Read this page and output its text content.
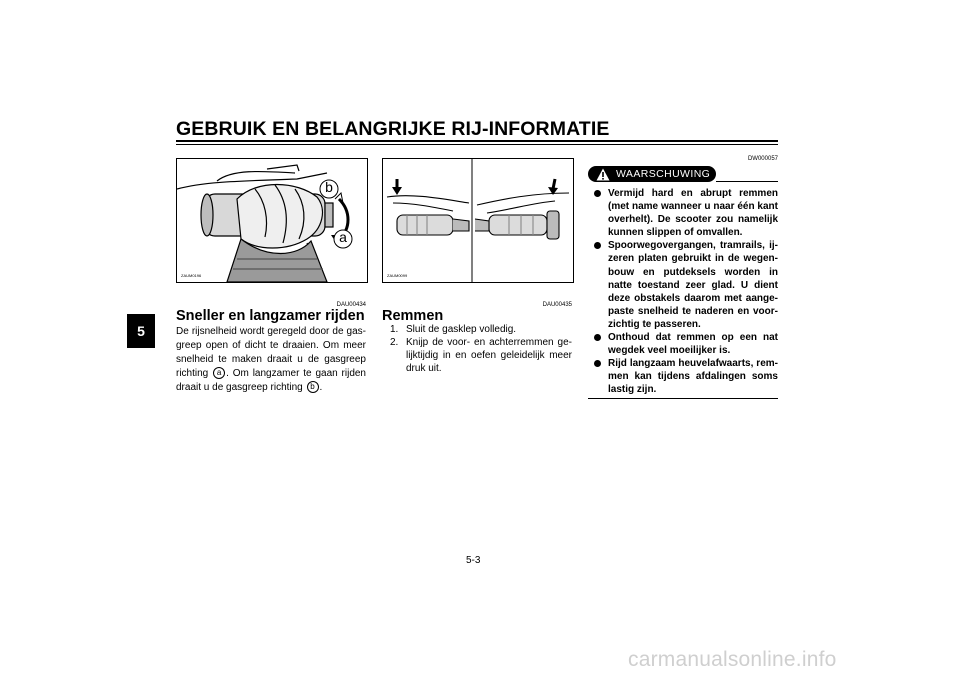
GEBRUIK EN BELANGRIJKE RIJ-INFORMATIE
5
b
a
ZAUM0196	ZAUM0099
DAU00434
Sneller en langzamer rijden
De rijsnelheid wordt geregeld door de gas-greep open of dicht te draaien. Om meer snelheid te maken draait u de gasgreep richting a . Om langzamer te gaan rijden draait u de gasgreep richting b .
DAU00435
Remmen
1. Sluit de gasklep volledig.
2. Knijp de voor- en achterremmen ge-lijktijdig in en oefen geleidelijk meer druk uit.
DW000057
WAARSCHUWING
Vermijd hard en abrupt remmen (met name wanneer u naar één kant overhelt). De scooter zou namelijk kunnen slippen of omvallen.
Spoorwegovergangen, tramrails, ij-zeren platen gebruikt in de wegen-bouw en putdeksels worden in natte toestand zeer glad. U dient deze obstakels daarom met aange-paste snelheid te naderen en voor-zichtig te passeren.
Onthoud dat remmen op een nat wegdek veel moeilijker is.
Rijd langzaam heuvelafwaarts, rem-men kan tijdens afdalingen soms lastig zijn.
5-3
carmanualsonline.info
